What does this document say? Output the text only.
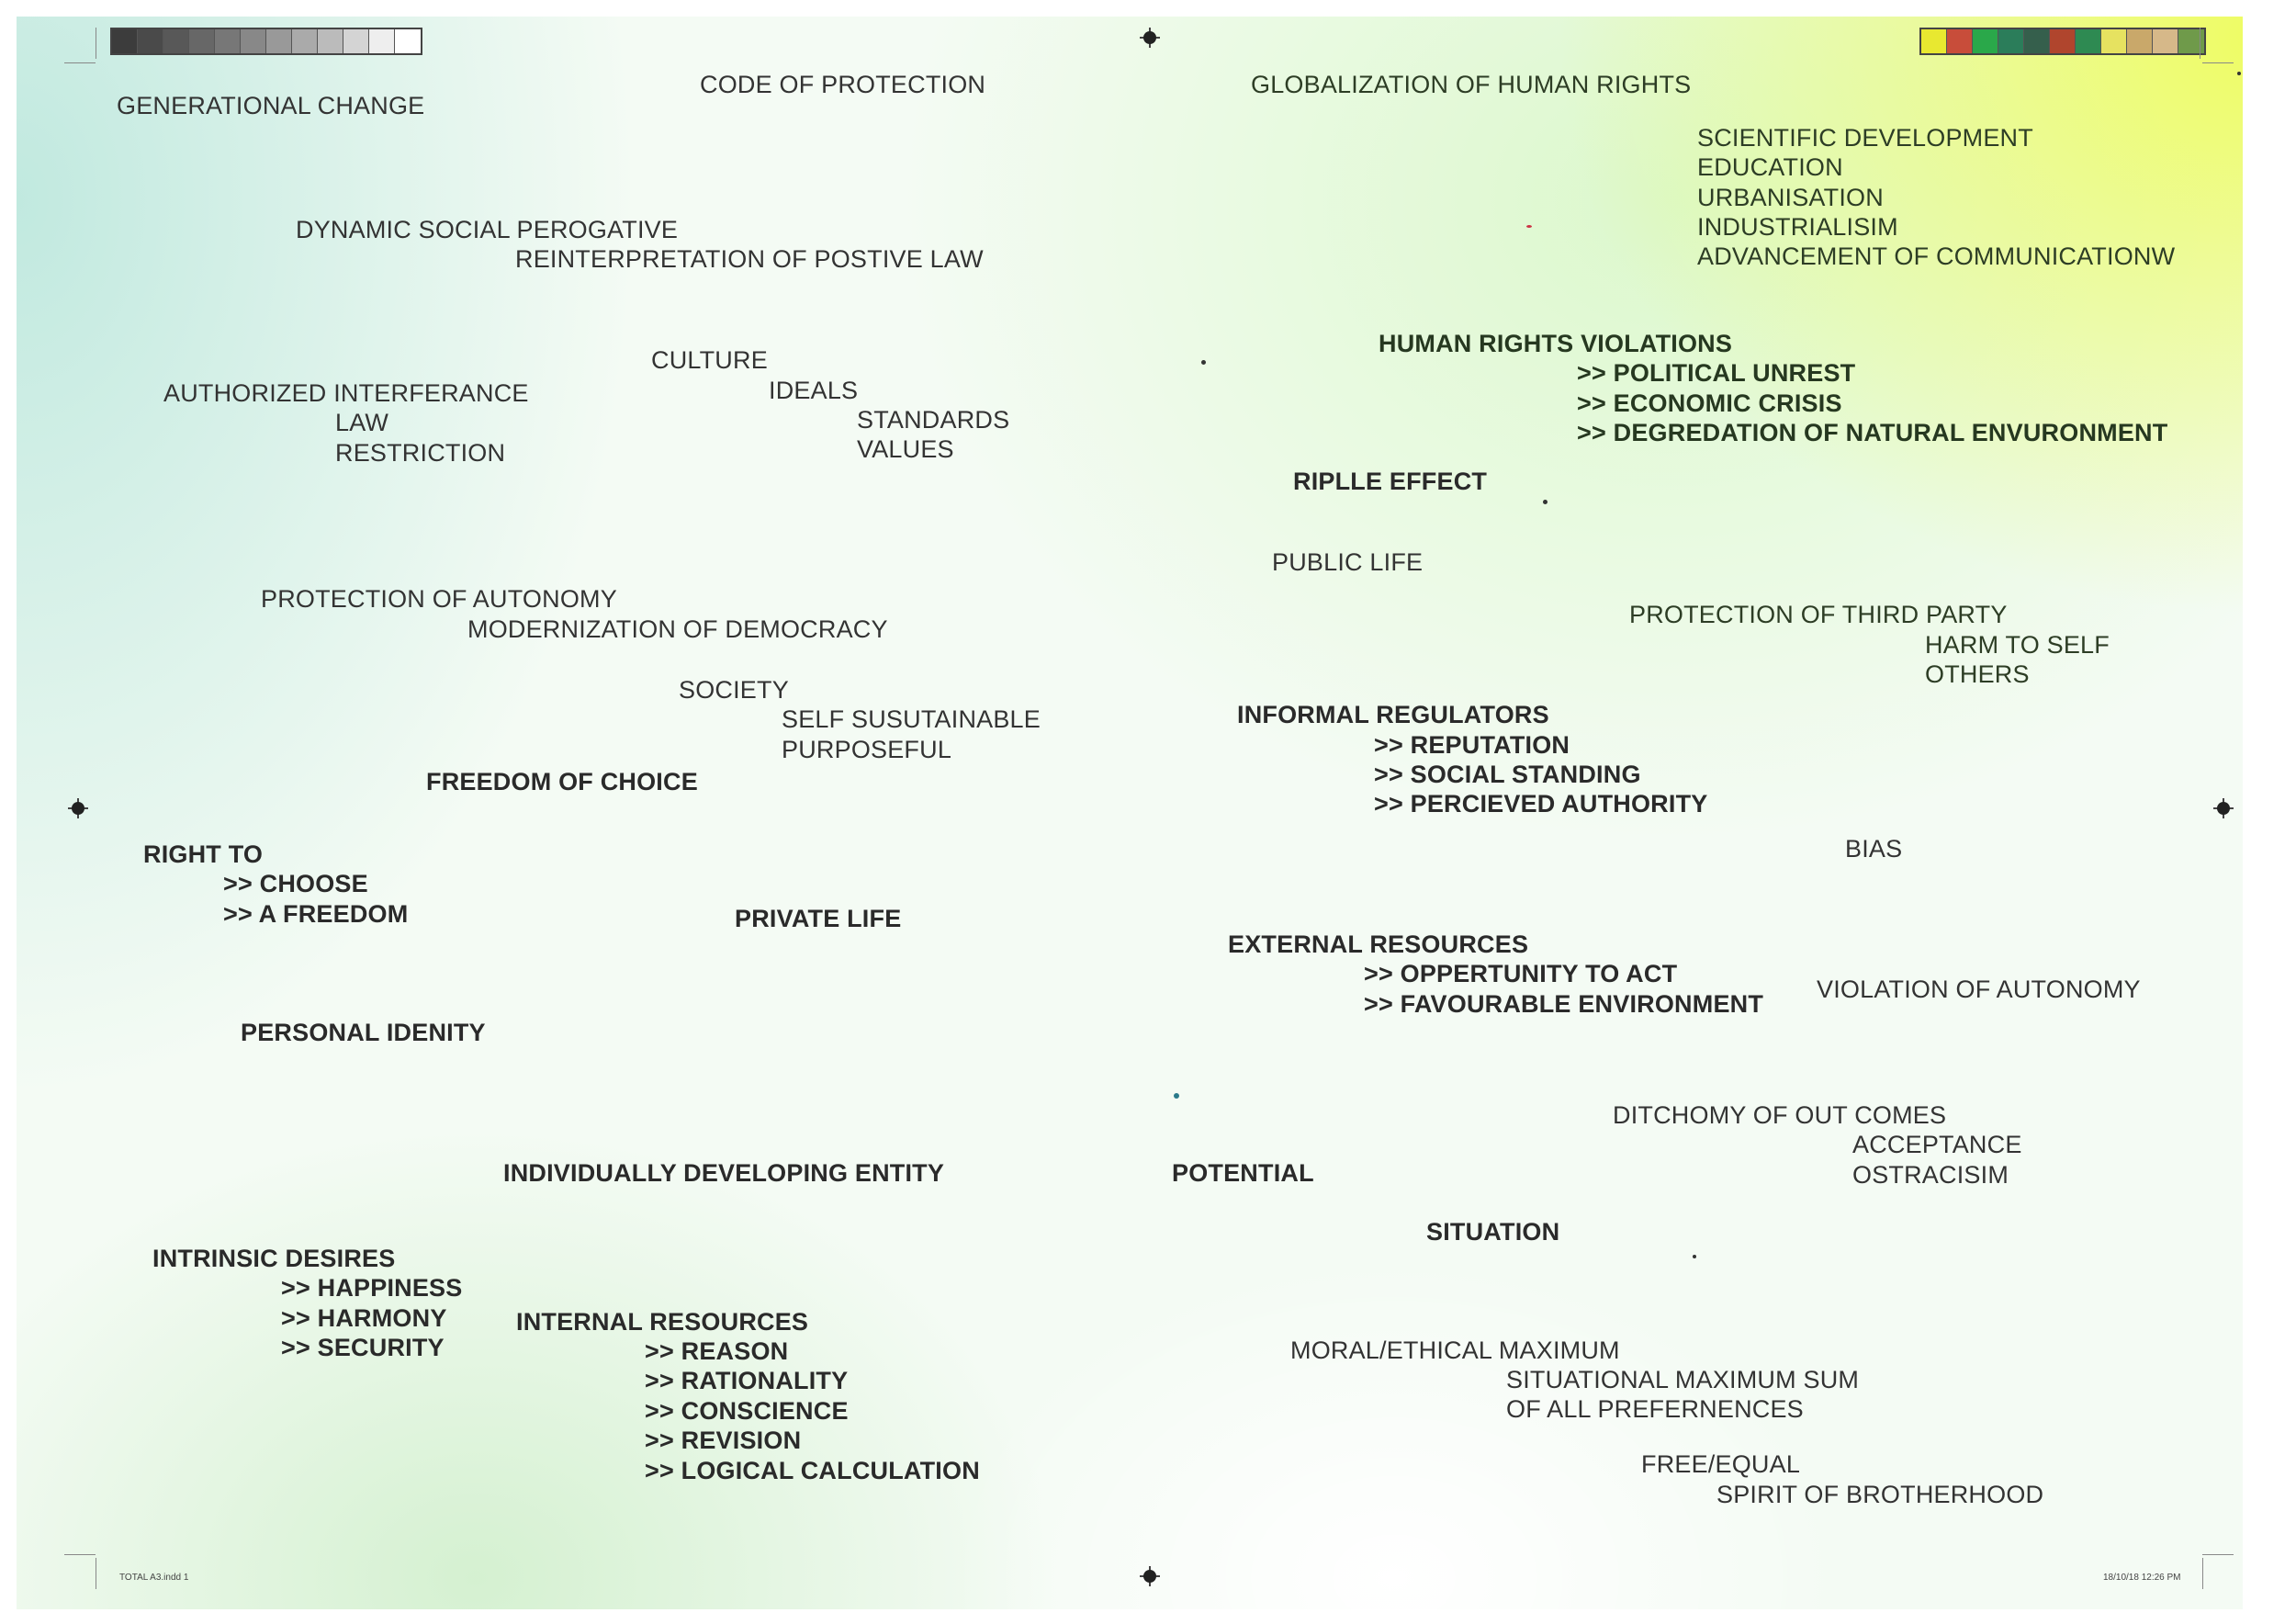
TOTAL A3.indd 1	18/10/18 12:26 PM
GENERATIONAL CHANGE
CODE OF PROTECTION
DYNAMIC SOCIAL PEROGATIVE
REINTERPRETATION OF POSTIVE LAW
CULTURE
IDEALS
STANDARDS
VALUES
AUTHORIZED INTERFERANCE
LAW
RESTRICTION
PROTECTION OF AUTONOMY
MODERNIZATION OF DEMOCRACY
SOCIETY
SELF SUSUTAINABLE
PURPOSEFUL
FREEDOM OF CHOICE
RIGHT TO
>> CHOOSE
>> A FREEDOM	PRIVATE LIFE
PERSONAL IDENITY
INDIVIDUALLY DEVELOPING ENTITY
INTRINSIC DESIRES
>> HAPPINESS
>> HARMONY
>> SECURITY
INTERNAL RESOURCES
>> REASON
>> RATIONALITY
>> CONSCIENCE
>> REVISION
>> LOGICAL CALCULATION
GLOBALIZATION OF HUMAN RIGHTS
SCIENTIFIC DEVELOPMENT
EDUCATION
URBANISATION
INDUSTRIALISIM
ADVANCEMENT OF COMMUNICATIONW
HUMAN RIGHTS VIOLATIONS
>> POLITICAL UNREST
>> ECONOMIC CRISIS
>> DEGREDATION OF NATURAL ENVURONMENT
RIPLLE EFFECT
PUBLIC LIFE
PROTECTION OF THIRD PARTY
HARM TO SELF
OTHERS
INFORMAL REGULATORS
>> REPUTATION
>> SOCIAL STANDING
>> PERCIEVED AUTHORITY
BIAS
EXTERNAL RESOURCES
>> OPPERTUNITY TO ACT
>> FAVOURABLE ENVIRONMENT
VIOLATION OF AUTONOMY
DITCHOMY OF OUT COMES
ACCEPTANCE
OSTRACISIM
POTENTIAL
SITUATION
MORAL/ETHICAL MAXIMUM
SITUATIONAL MAXIMUM SUM
OF ALL PREFERNENCES
FREE/EQUAL
SPIRIT OF BROTHERHOOD
